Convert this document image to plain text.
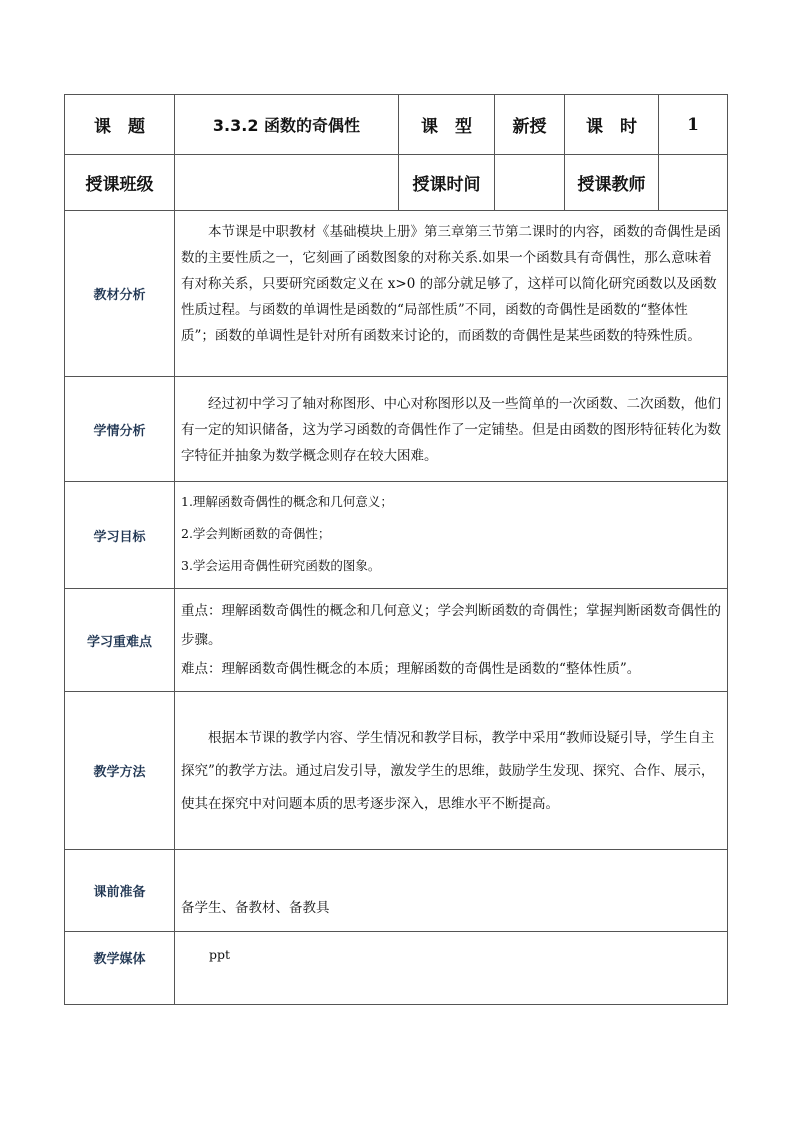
课　题	3.3.2 函数的奇偶性	课　型	新授	课　时	1
授课班级		授课时间		授课教师	
教材分析	本节课是中职教材《基础模块上册》第三章第三节第二课时的内容，函数的奇偶性是函数的主要性质之一，它刻画了函数图象的对称关系.如果一个函数具有奇偶性，那么意味着有对称关系，只要研究函数定义在 x>0 的部分就足够了，这样可以简化研究函数以及函数性质过程。与函数的单调性是函数的“局部性质”不同，函数的奇偶性是函数的“整体性质”；函数的单调性是针对所有函数来讨论的，而函数的奇偶性是某些函数的特殊性质。				

学情分析	经过初中学习了轴对称图形、中心对称图形以及一些简单的一次函数、二次函数，他们有一定的知识储备，这为学习函数的奇偶性作了一定铺垫。但是由函数的图形特征转化为数字特征并抽象为数学概念则存在较大困难。				

学习目标	1.理解函数奇偶性的概念和几何意义；

2.学会判断函数的奇偶性；

3.学会运用奇偶性研究函数的图象。				

学习重难点	重点：理解函数奇偶性的概念和几何意义；学会判断函数的奇偶性；掌握判断函数奇偶性的步骤。

难点：理解函数奇偶性概念的本质；理解函数的奇偶性是函数的“整体性质”。				

教学方法	根据本节课的教学内容、学生情况和教学目标，教学中采用“教师设疑引导，学生自主探究”的教学方法。通过启发引导，激发学生的思维，鼓励学生发现、探究、合作、展示，使其在探究中对问题本质的思考逐步深入，思维水平不断提高。				

课前准备	备学生、备教材、备教具				

教学媒体	ppt				
